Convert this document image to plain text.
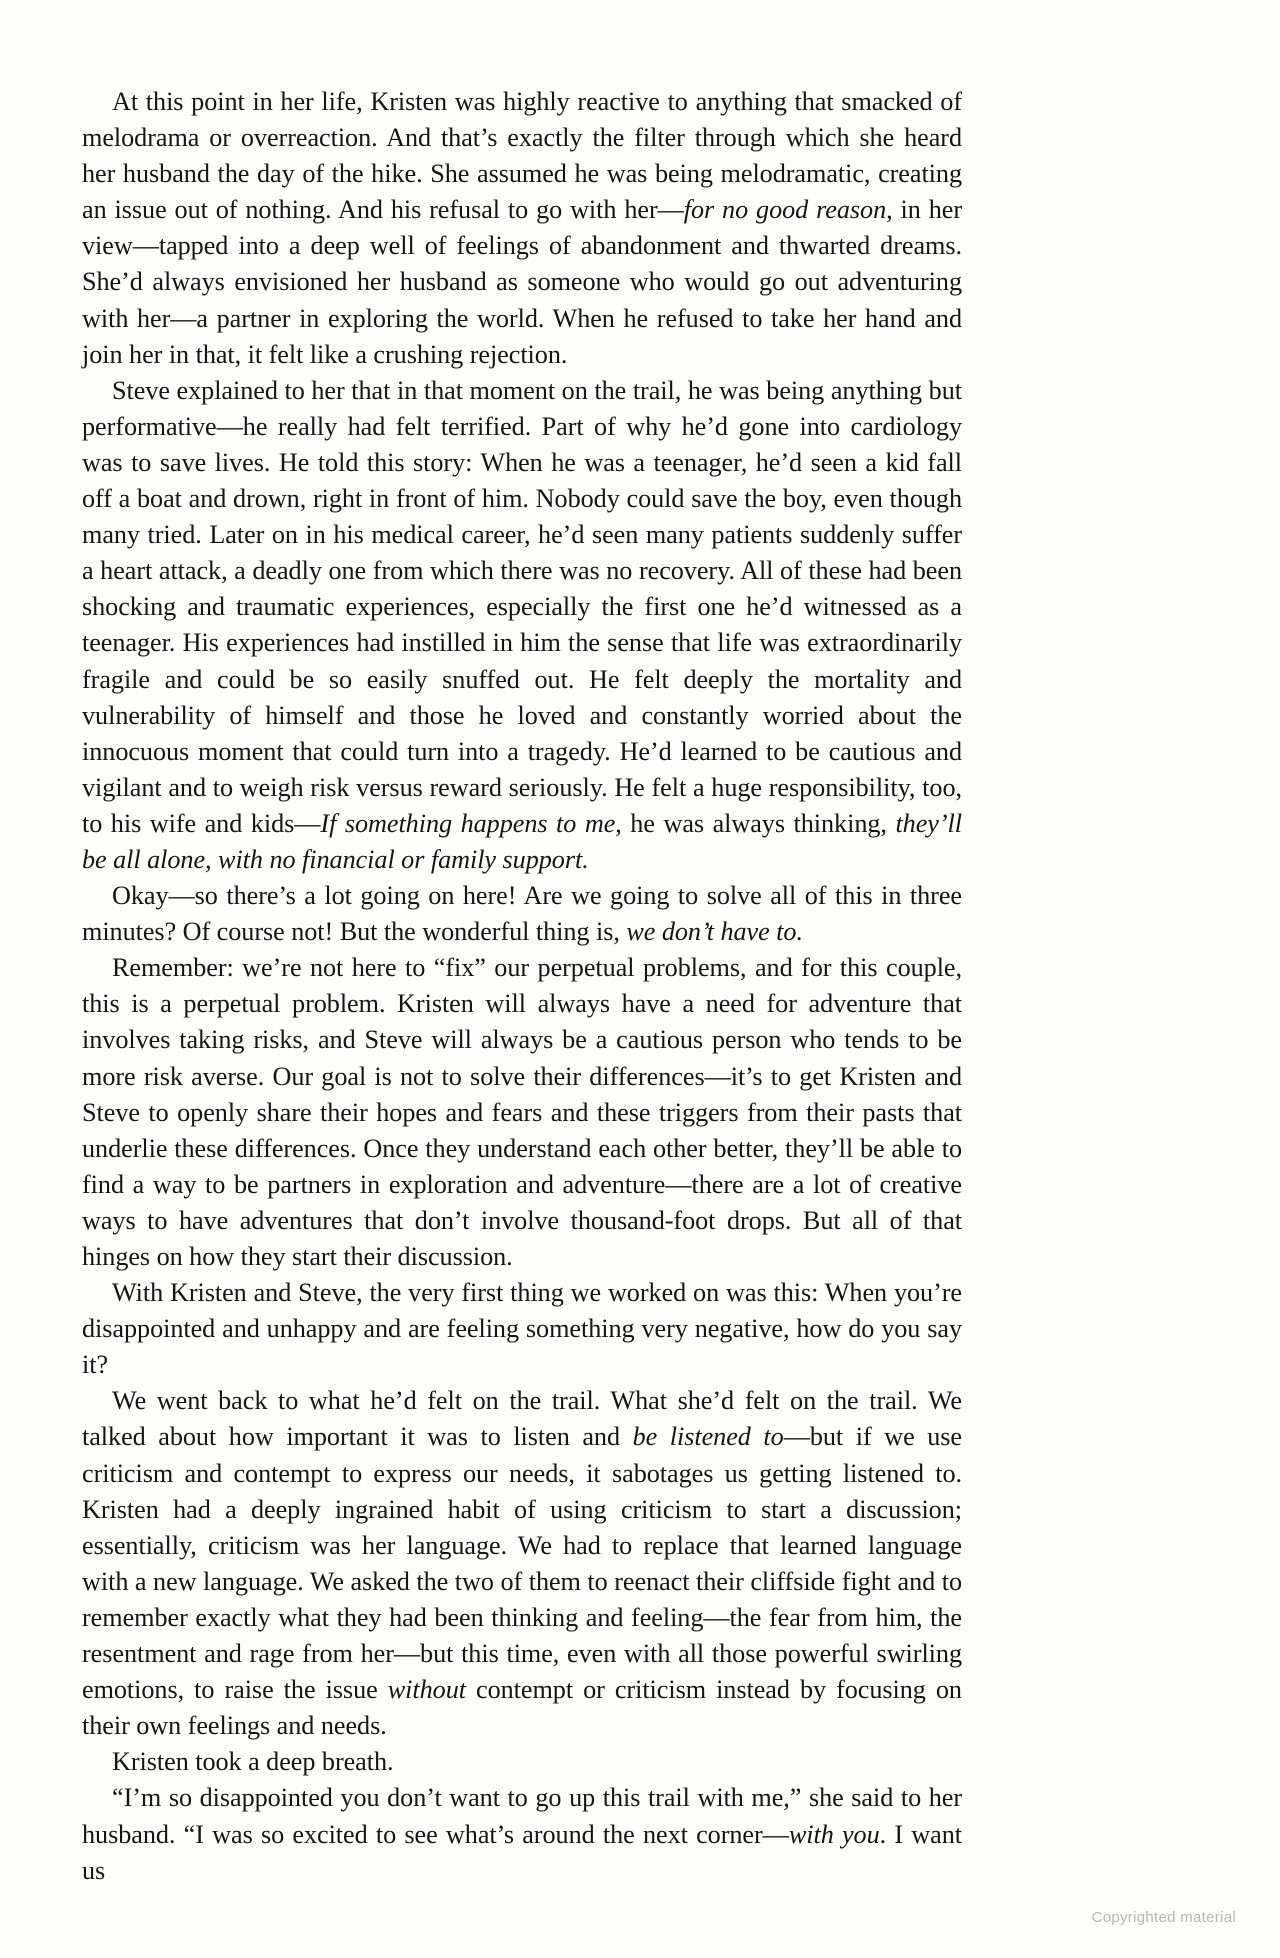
At this point in her life, Kristen was highly reactive to anything that smacked of melodrama or overreaction. And that’s exactly the filter through which she heard her husband the day of the hike. She assumed he was being melodramatic, creating an issue out of nothing. And his refusal to go with her—for no good reason, in her view—tapped into a deep well of feelings of abandonment and thwarted dreams. She’d always envisioned her husband as someone who would go out adventuring with her—a partner in exploring the world. When he refused to take her hand and join her in that, it felt like a crushing rejection.

Steve explained to her that in that moment on the trail, he was being anything but performative—he really had felt terrified. Part of why he’d gone into cardiology was to save lives. He told this story: When he was a teenager, he’d seen a kid fall off a boat and drown, right in front of him. Nobody could save the boy, even though many tried. Later on in his medical career, he’d seen many patients suddenly suffer a heart attack, a deadly one from which there was no recovery. All of these had been shocking and traumatic experiences, especially the first one he’d witnessed as a teenager. His experiences had instilled in him the sense that life was extraordinarily fragile and could be so easily snuffed out. He felt deeply the mortality and vulnerability of himself and those he loved and constantly worried about the innocuous moment that could turn into a tragedy. He’d learned to be cautious and vigilant and to weigh risk versus reward seriously. He felt a huge responsibility, too, to his wife and kids—If something happens to me, he was always thinking, they’ll be all alone, with no financial or family support.

Okay—so there’s a lot going on here! Are we going to solve all of this in three minutes? Of course not! But the wonderful thing is, we don’t have to.

Remember: we’re not here to “fix” our perpetual problems, and for this couple, this is a perpetual problem. Kristen will always have a need for adventure that involves taking risks, and Steve will always be a cautious person who tends to be more risk averse. Our goal is not to solve their differences—it’s to get Kristen and Steve to openly share their hopes and fears and these triggers from their pasts that underlie these differences. Once they understand each other better, they’ll be able to find a way to be partners in exploration and adventure—there are a lot of creative ways to have adventures that don’t involve thousand-foot drops. But all of that hinges on how they start their discussion.

With Kristen and Steve, the very first thing we worked on was this: When you’re disappointed and unhappy and are feeling something very negative, how do you say it?

We went back to what he’d felt on the trail. What she’d felt on the trail. We talked about how important it was to listen and be listened to—but if we use criticism and contempt to express our needs, it sabotages us getting listened to. Kristen had a deeply ingrained habit of using criticism to start a discussion; essentially, criticism was her language. We had to replace that learned language with a new language. We asked the two of them to reenact their cliffside fight and to remember exactly what they had been thinking and feeling—the fear from him, the resentment and rage from her—but this time, even with all those powerful swirling emotions, to raise the issue without contempt or criticism instead by focusing on their own feelings and needs.

Kristen took a deep breath.

“I’m so disappointed you don’t want to go up this trail with me,” she said to her husband. “I was so excited to see what’s around the next corner—with you. I want us

Copyrighted material
